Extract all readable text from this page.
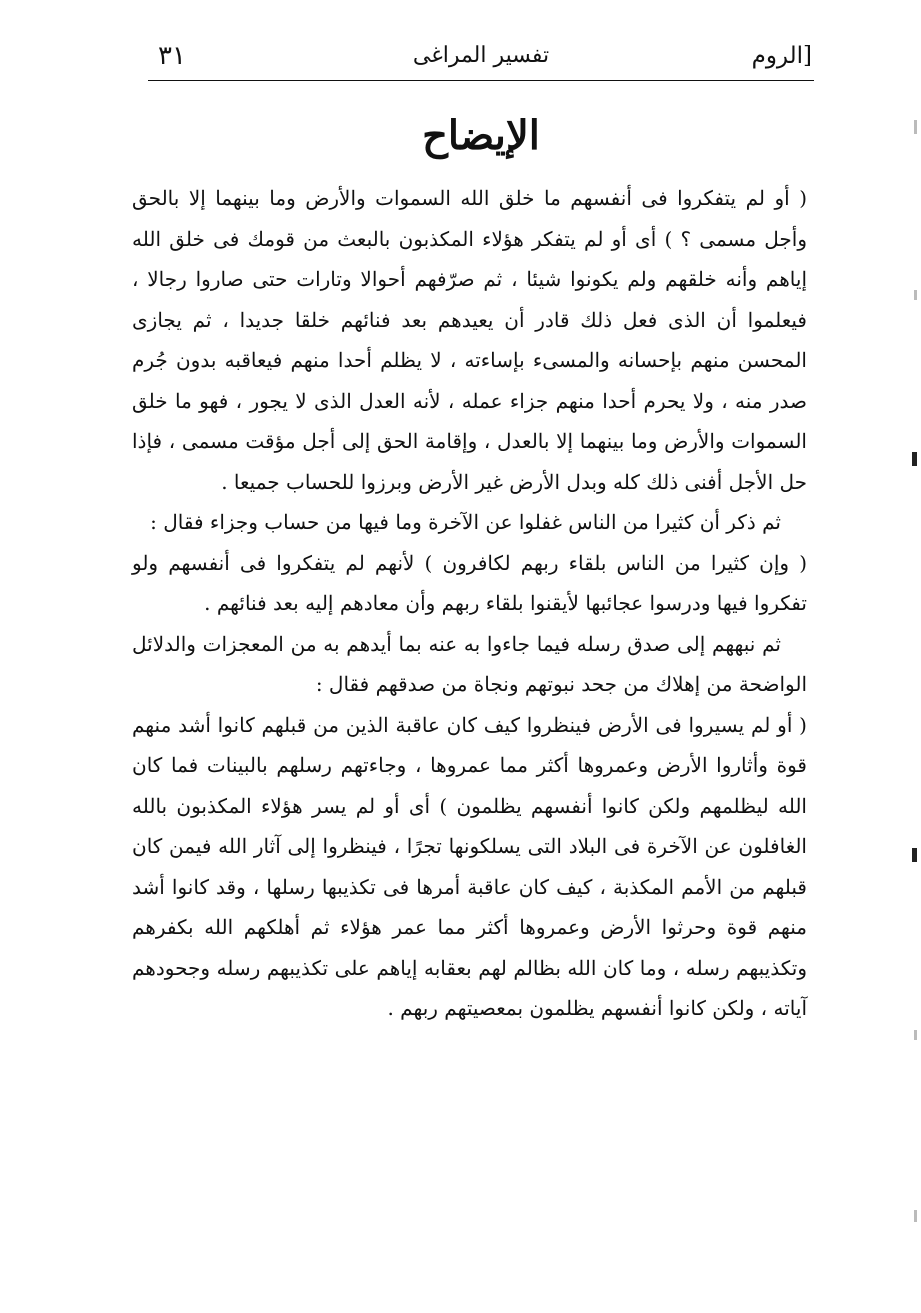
[الروم
تفسير المراغى
٣١
الإيضاح

( أو لم يتفكروا فى أنفسهم ما خلق الله السموات والأرض وما بينهما إلا بالحق وأجل مسمى ؟ ) أى أو لم يتفكر هؤلاء المكذبون بالبعث من قومك فى خلق الله إياهم وأنه خلقهم ولم يكونوا شيئا ، ثم صرّفهم أحوالا وتارات حتى صاروا رجالا ، فيعلموا أن الذى فعل ذلك قادر أن يعيدهم بعد فنائهم خلقا جديدا ، ثم يجازى المحسن منهم بإحسانه والمسىء بإساءته ، لا يظلم أحدا منهم فيعاقبه بدون جُرم صدر منه ، ولا يحرم أحدا منهم جزاء عمله ، لأنه العدل الذى لا يجور ، فهو ما خلق السموات والأرض وما بينهما إلا بالعدل ، وإقامة الحق إلى أجل مؤقت مسمى ، فإذا حل الأجل أفنى ذلك كله وبدل الأرض غير الأرض وبرزوا للحساب جميعا .

ثم ذكر أن كثيرا من الناس غفلوا عن الآخرة وما فيها من حساب وجزاء فقال :

( وإن كثيرا من الناس بلقاء ربهم لكافرون ) لأنهم لم يتفكروا فى أنفسهم ولو تفكروا فيها ودرسوا عجائبها لأيقنوا بلقاء ربهم وأن معادهم إليه بعد فنائهم .

ثم نبههم إلى صدق رسله فيما جاءوا به عنه بما أيدهم به من المعجزات والدلائل الواضحة من إهلاك من جحد نبوتهم ونجاة من صدقهم فقال :

( أو لم يسيروا فى الأرض فينظروا كيف كان عاقبة الذين من قبلهم كانوا أشد منهم قوة وأثاروا الأرض وعمروها أكثر مما عمروها ، وجاءتهم رسلهم بالبينات فما كان الله ليظلمهم ولكن كانوا أنفسهم يظلمون ) أى أو لم يسر هؤلاء المكذبون بالله الغافلون عن الآخرة فى البلاد التى يسلكونها تجرًا ، فينظروا إلى آثار الله فيمن كان قبلهم من الأمم المكذبة ، كيف كان عاقبة أمرها فى تكذيبها رسلها ، وقد كانوا أشد منهم قوة وحرثوا الأرض وعمروها أكثر مما عمر هؤلاء ثم أهلكهم الله بكفرهم وتكذيبهم رسله ، وما كان الله بظالم لهم بعقابه إياهم على تكذيبهم رسله وجحودهم آياته ، ولكن كانوا أنفسهم يظلمون بمعصيتهم ربهم .
